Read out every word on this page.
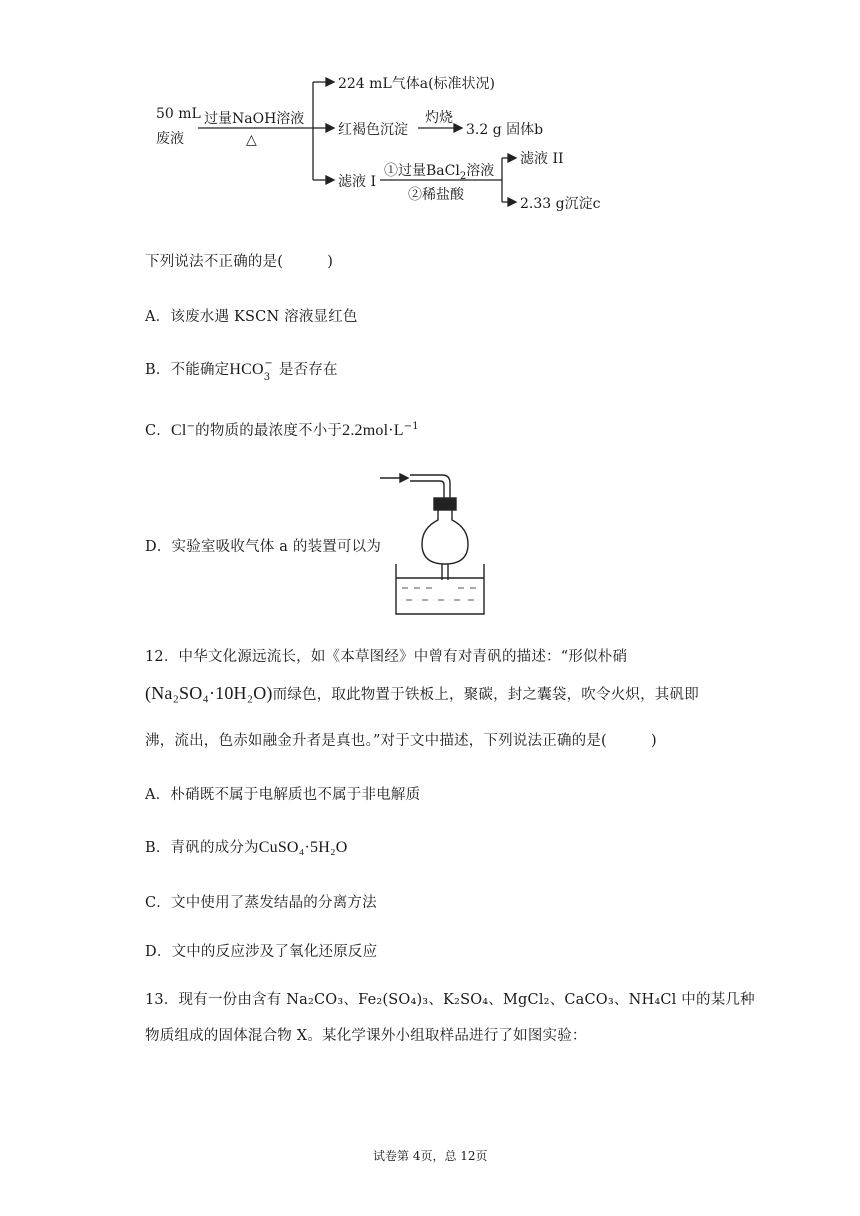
50 mL
废液
过量NaOH溶液
△
224 mL气体a(标准状况)
红褐色沉淀
灼烧
3.2 g 固体b
滤液 I
①过量BaCl$_2$溶液
②稀盐酸
滤液 II
2.33 g沉淀c
下列说法不正确的是(　　　)
A．该废水遇 KSCN 溶液显红色
B．不能确定$HCO_3^-$ 是否存在
C．Cl−的物质的最浓度不小于$2.2mol\cdot L^{-1}$
D．实验室吸收气体 a 的装置可以为
12．中华文化源远流长，如《本草图经》中曾有对青矾的描述：“形似朴硝
(Na₂SO₄·10H₂O)而绿色，取此物置于铁板上，聚碳，封之囊袋，吹令火炽，其矾即
沸，流出，色赤如融金升者是真也。”对于文中描述，下列说法正确的是(　　　)
A．朴硝既不属于电解质也不属于非电解质
B．青矾的成分为CuSO₄·5H₂O
C．文中使用了蒸发结晶的分离方法
D．文中的反应涉及了氧化还原反应
13．现有一份由含有 Na₂CO₃、Fe₂(SO₄)₃、K₂SO₄、MgCl₂、CaCO₃、NH₄Cl 中的某几种
物质组成的固体混合物 X。某化学课外小组取样品进行了如图实验：
试卷第 4页，总 12页
